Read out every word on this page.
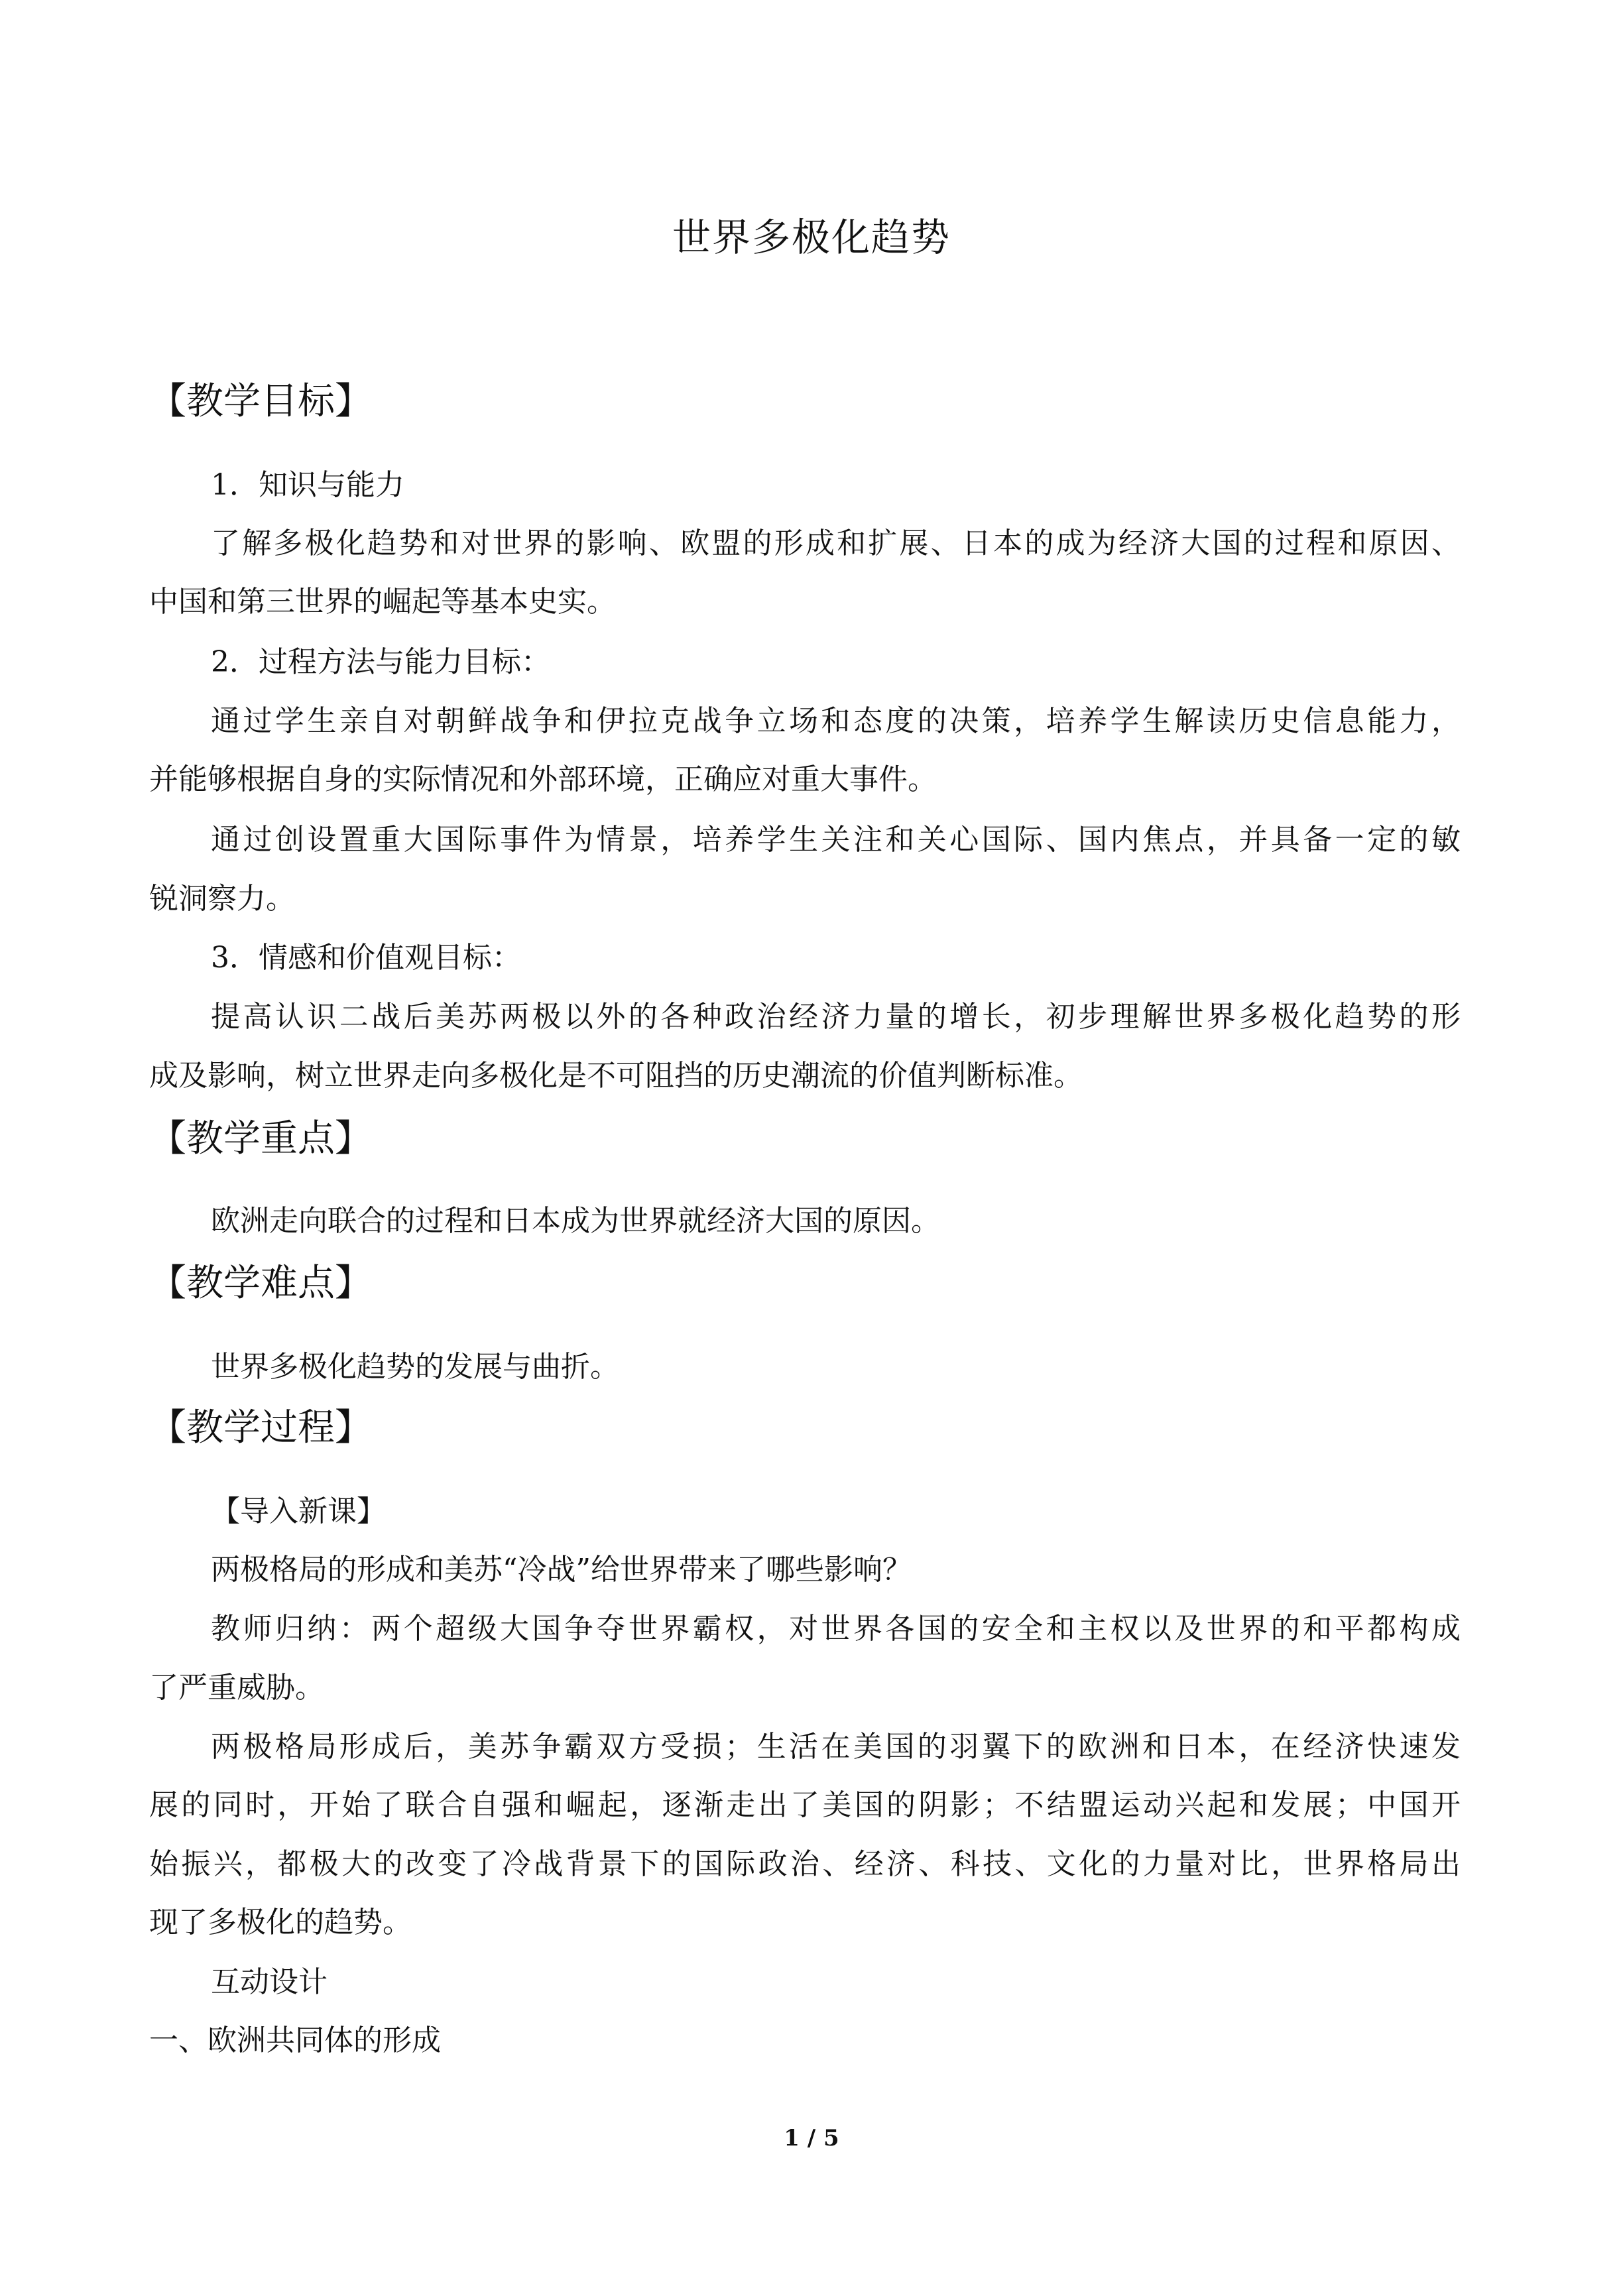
世界多极化趋势
【教学目标】
1．知识与能力
了解多极化趋势和对世界的影响、欧盟的形成和扩展、日本的成为经济大国的过程和原因、
中国和第三世界的崛起等基本史实。
2．过程方法与能力目标：
通过学生亲自对朝鲜战争和伊拉克战争立场和态度的决策，培养学生解读历史信息能力，
并能够根据自身的实际情况和外部环境，正确应对重大事件。
通过创设置重大国际事件为情景，培养学生关注和关心国际、国内焦点，并具备一定的敏
锐洞察力。
3．情感和价值观目标：
提高认识二战后美苏两极以外的各种政治经济力量的增长，初步理解世界多极化趋势的形
成及影响，树立世界走向多极化是不可阻挡的历史潮流的价值判断标准。
【教学重点】
欧洲走向联合的过程和日本成为世界就经济大国的原因。
【教学难点】
世界多极化趋势的发展与曲折。
【教学过程】
【导入新课】
两极格局的形成和美苏“冷战”给世界带来了哪些影响？
教师归纳：两个超级大国争夺世界霸权，对世界各国的安全和主权以及世界的和平都构成
了严重威胁。
两极格局形成后，美苏争霸双方受损；生活在美国的羽翼下的欧洲和日本，在经济快速发
展的同时，开始了联合自强和崛起，逐渐走出了美国的阴影；不结盟运动兴起和发展；中国开
始振兴，都极大的改变了冷战背景下的国际政治、经济、科技、文化的力量对比，世界格局出
现了多极化的趋势。
互动设计
一、欧洲共同体的形成
1 / 5
